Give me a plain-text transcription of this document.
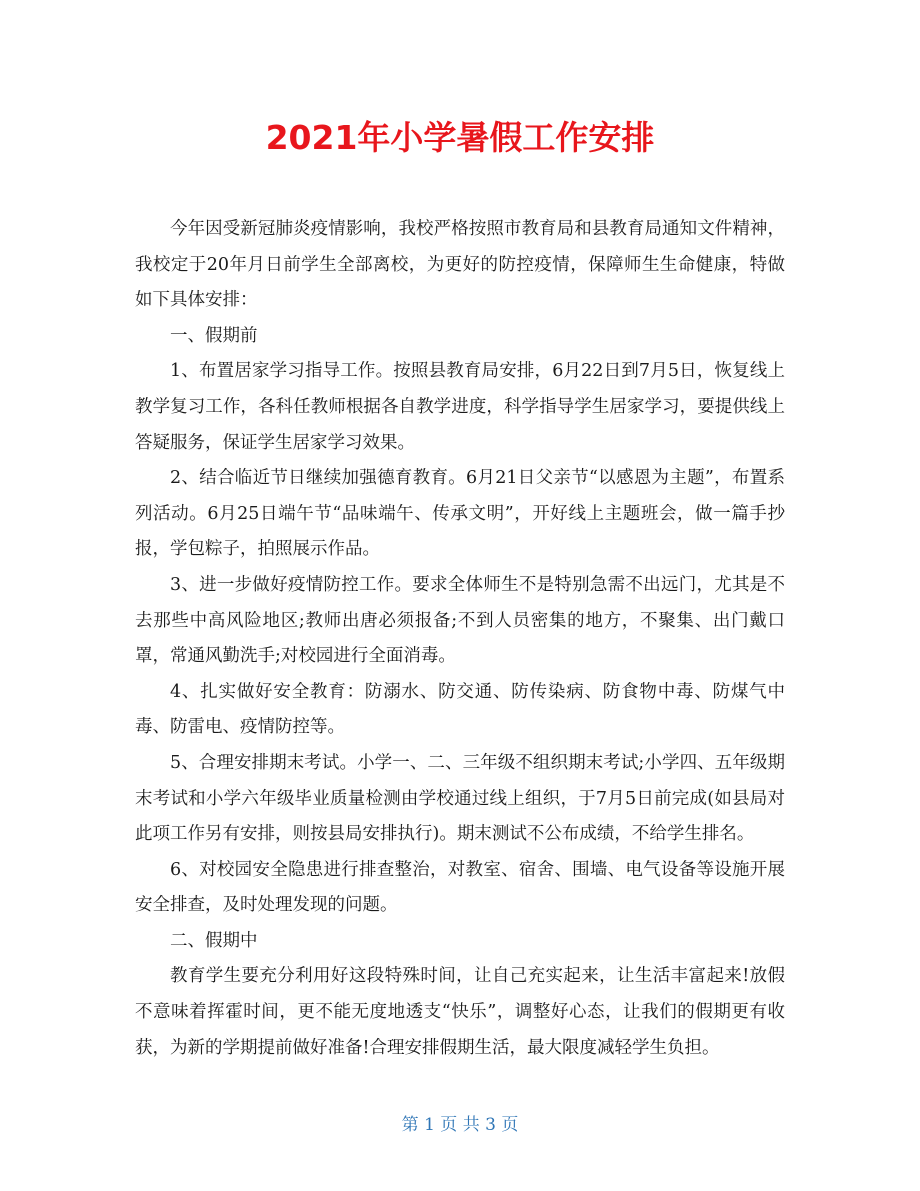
2021年小学暑假工作安排

今年因受新冠肺炎疫情影响，我校严格按照市教育局和县教育局通知文件精神，我校定于20年月日前学生全部离校，为更好的防控疫情，保障师生生命健康，特做如下具体安排：

一、假期前

1、布置居家学习指导工作。按照县教育局安排，6月22日到7月5日，恢复线上教学复习工作，各科任教师根据各自教学进度，科学指导学生居家学习，要提供线上答疑服务，保证学生居家学习效果。

2、结合临近节日继续加强德育教育。6月21日父亲节“以感恩为主题”，布置系列活动。6月25日端午节“品味端午、传承文明”，开好线上主题班会，做一篇手抄报，学包粽子，拍照展示作品。

3、进一步做好疫情防控工作。要求全体师生不是特别急需不出远门，尤其是不去那些中高风险地区;教师出唐必须报备;不到人员密集的地方，不聚集、出门戴口罩，常通风勤洗手;对校园进行全面消毒。

4、扎实做好安全教育：防溺水、防交通、防传染病、防食物中毒、防煤气中毒、防雷电、疫情防控等。

5、合理安排期末考试。小学一、二、三年级不组织期末考试;小学四、五年级期末考试和小学六年级毕业质量检测由学校通过线上组织，于7月5日前完成(如县局对此项工作另有安排，则按县局安排执行)。期末测试不公布成绩，不给学生排名。

6、对校园安全隐患进行排查整治，对教室、宿舍、围墙、电气设备等设施开展安全排查，及时处理发现的问题。

二、假期中

教育学生要充分利用好这段特殊时间，让自己充实起来，让生活丰富起来!放假不意味着挥霍时间，更不能无度地透支“快乐”，调整好心态，让我们的假期更有收获，为新的学期提前做好准备!合理安排假期生活，最大限度减轻学生负担。

第 1 页 共 3 页
